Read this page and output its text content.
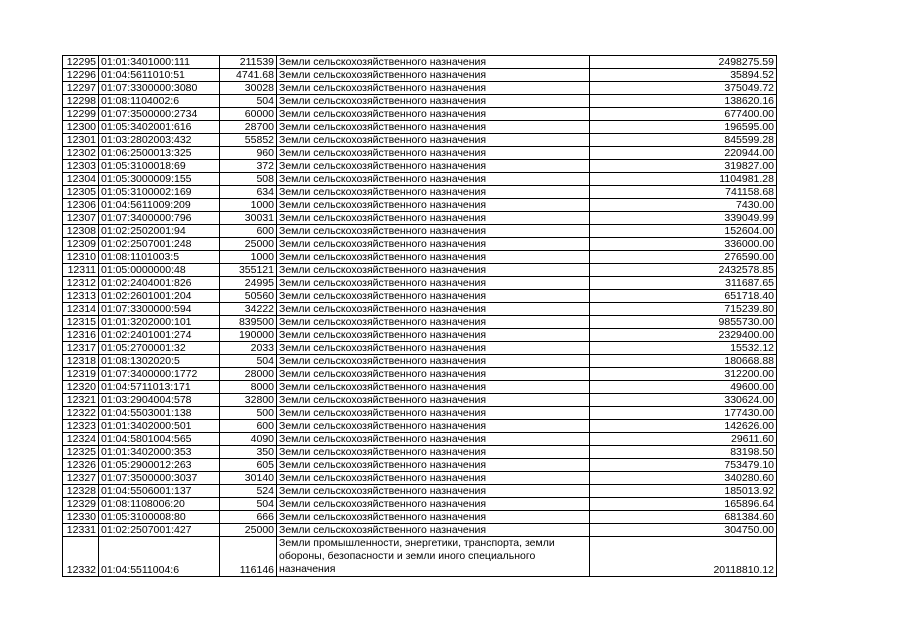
12295	01:01:3401000:111	211539	Земли сельскохозяйственного назначения	2498275.59
12296	01:04:5611010:51	4741.68	Земли сельскохозяйственного назначения	35894.52
12297	01:07:3300000:3080	30028	Земли сельскохозяйственного назначения	375049.72
12298	01:08:1104002:6	504	Земли сельскохозяйственного назначения	138620.16
12299	01:07:3500000:2734	60000	Земли сельскохозяйственного назначения	677400.00
12300	01:05:3402001:616	28700	Земли сельскохозяйственного назначения	196595.00
12301	01:03:2802003:432	55852	Земли сельскохозяйственного назначения	845599.28
12302	01:06:2500013:325	960	Земли сельскохозяйственного назначения	220944.00
12303	01:05:3100018:69	372	Земли сельскохозяйственного назначения	319827.00
12304	01:05:3000009:155	508	Земли сельскохозяйственного назначения	1104981.28
12305	01:05:3100002:169	634	Земли сельскохозяйственного назначения	741158.68
12306	01:04:5611009:209	1000	Земли сельскохозяйственного назначения	7430.00
12307	01:07:3400000:796	30031	Земли сельскохозяйственного назначения	339049.99
12308	01:02:2502001:94	600	Земли сельскохозяйственного назначения	152604.00
12309	01:02:2507001:248	25000	Земли сельскохозяйственного назначения	336000.00
12310	01:08:1101003:5	1000	Земли сельскохозяйственного назначения	276590.00
12311	01:05:0000000:48	355121	Земли сельскохозяйственного назначения	2432578.85
12312	01:02:2404001:826	24995	Земли сельскохозяйственного назначения	311687.65
12313	01:02:2601001:204	50560	Земли сельскохозяйственного назначения	651718.40
12314	01:07:3300000:594	34222	Земли сельскохозяйственного назначения	715239.80
12315	01:01:3202000:101	839500	Земли сельскохозяйственного назначения	9855730.00
12316	01:02:2401001:274	190000	Земли сельскохозяйственного назначения	2329400.00
12317	01:05:2700001:32	2033	Земли сельскохозяйственного назначения	15532.12
12318	01:08:1302020:5	504	Земли сельскохозяйственного назначения	180668.88
12319	01:07:3400000:1772	28000	Земли сельскохозяйственного назначения	312200.00
12320	01:04:5711013:171	8000	Земли сельскохозяйственного назначения	49600.00
12321	01:03:2904004:578	32800	Земли сельскохозяйственного назначения	330624.00
12322	01:04:5503001:138	500	Земли сельскохозяйственного назначения	177430.00
12323	01:01:3402000:501	600	Земли сельскохозяйственного назначения	142626.00
12324	01:04:5801004:565	4090	Земли сельскохозяйственного назначения	29611.60
12325	01:01:3402000:353	350	Земли сельскохозяйственного назначения	83198.50
12326	01:05:2900012:263	605	Земли сельскохозяйственного назначения	753479.10
12327	01:07:3500000:3037	30140	Земли сельскохозяйственного назначения	340280.60
12328	01:04:5506001:137	524	Земли сельскохозяйственного назначения	185013.92
12329	01:08:1108006:20	504	Земли сельскохозяйственного назначения	165896.64
12330	01:05:3100008:80	666	Земли сельскохозяйственного назначения	681384.60
12331	01:02:2507001:427	25000	Земли сельскохозяйственного назначения	304750.00
12332	01:04:5511004:6	116146	Земли промышленности, энергетики, транспорта, земли обороны, безопасности и земли иного специального назначения	20118810.12
